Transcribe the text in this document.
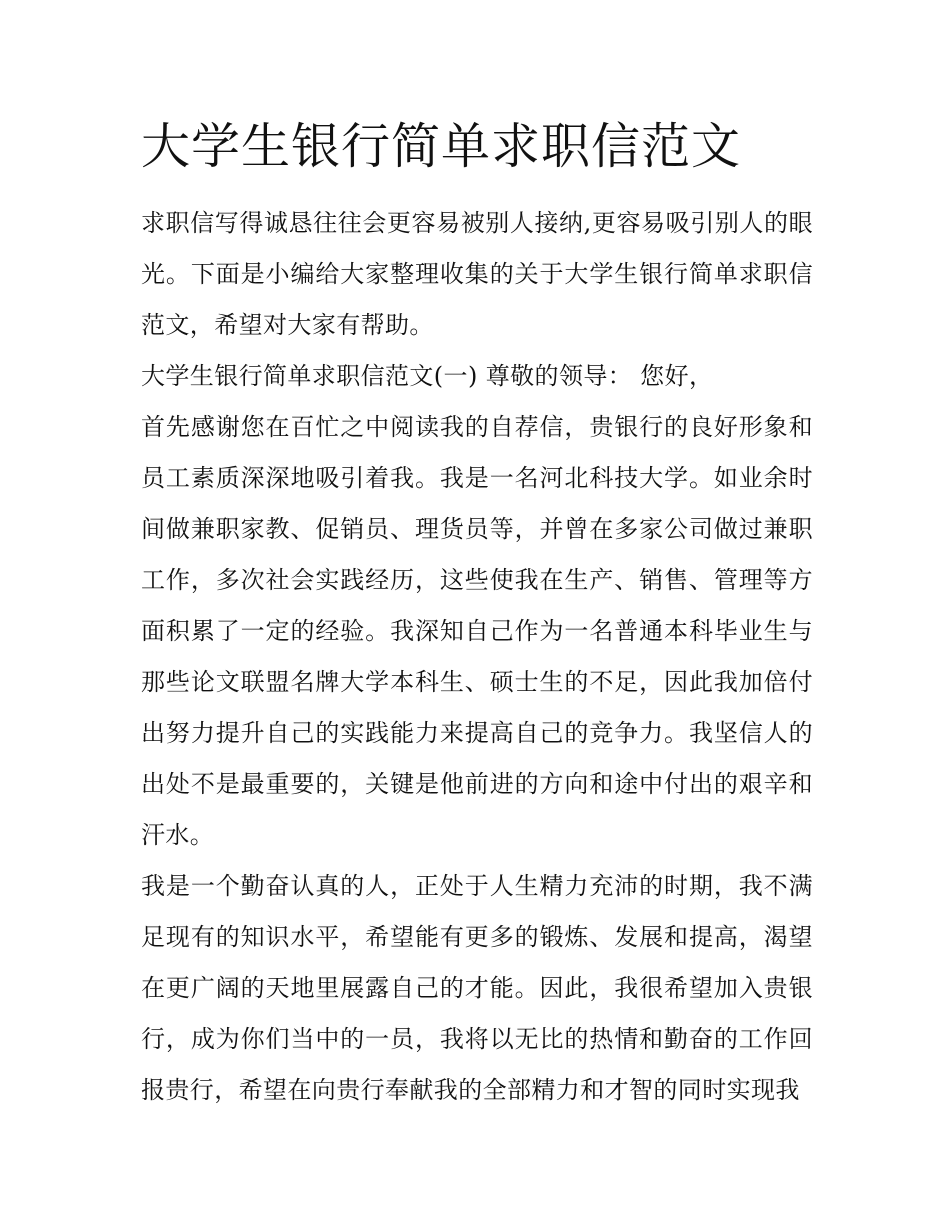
大学生银行简单求职信范文

求职信写得诚恳往往会更容易被别人接纳,更容易吸引别人的眼光。下面是小编给大家整理收集的关于大学生银行简单求职信范文，希望对大家有帮助。

大学生银行简单求职信范文(一) 尊敬的领导： 您好，

首先感谢您在百忙之中阅读我的自荐信，贵银行的良好形象和员工素质深深地吸引着我。我是一名河北科技大学。如业余时间做兼职家教、促销员、理货员等，并曾在多家公司做过兼职工作，多次社会实践经历，这些使我在生产、销售、管理等方面积累了一定的经验。我深知自己作为一名普通本科毕业生与那些论文联盟名牌大学本科生、硕士生的不足，因此我加倍付出努力提升自己的实践能力来提高自己的竞争力。我坚信人的出处不是最重要的，关键是他前进的方向和途中付出的艰辛和汗水。

我是一个勤奋认真的人，正处于人生精力充沛的时期，我不满足现有的知识水平，希望能有更多的锻炼、发展和提高，渴望在更广阔的天地里展露自己的才能。因此，我很希望加入贵银行，成为你们当中的一员，我将以无比的热情和勤奋的工作回报贵行，希望在向贵行奉献我的全部精力和才智的同时实现我
